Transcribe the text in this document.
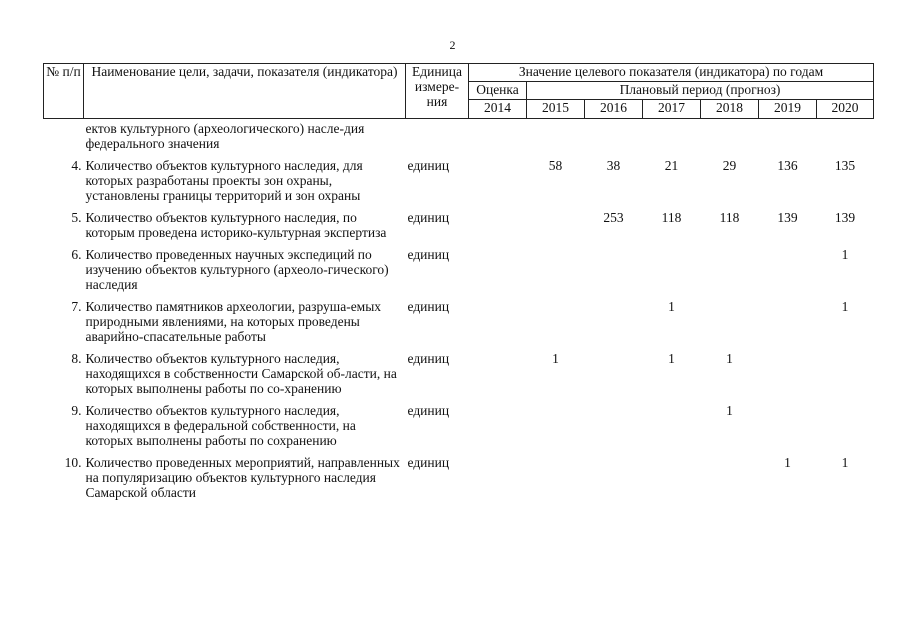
2
№ п/п	Наименование цели, задачи, показателя (индикатора)	Единица измере-ния	Значение целевого показателя (индикатора) по годам						
			Оценка	Плановый период (прогноз)					
			2014	2015	2016	2017	2018	2019	2020
	ектов культурного (археологического) насле-дия федерального значения								
4.	Количество объектов культурного наследия, для которых разработаны проекты зон охраны, установлены границы территорий и зон охраны	единиц		58	38	21	29	136	135
5.	Количество объектов культурного наследия, по которым проведена историко-культурная экспертиза	единиц			253	118	118	139	139
6.	Количество проведенных научных экспедиций по изучению объектов культурного (археоло-гического) наследия	единиц							1
7.	Количество памятников археологии, разруша-емых природными явлениями, на которых проведены аварийно-спасательные работы	единиц				1			1
8.	Количество объектов культурного наследия, находящихся в собственности Самарской об-ласти, на которых выполнены работы по со-хранению	единиц		1		1	1		
9.	Количество объектов культурного наследия, находящихся в федеральной собственности, на которых выполнены работы по сохранению	единиц					1		
10.	Количество проведенных мероприятий, направленных на популяризацию объектов культурного наследия Самарской области	единиц						1	1
